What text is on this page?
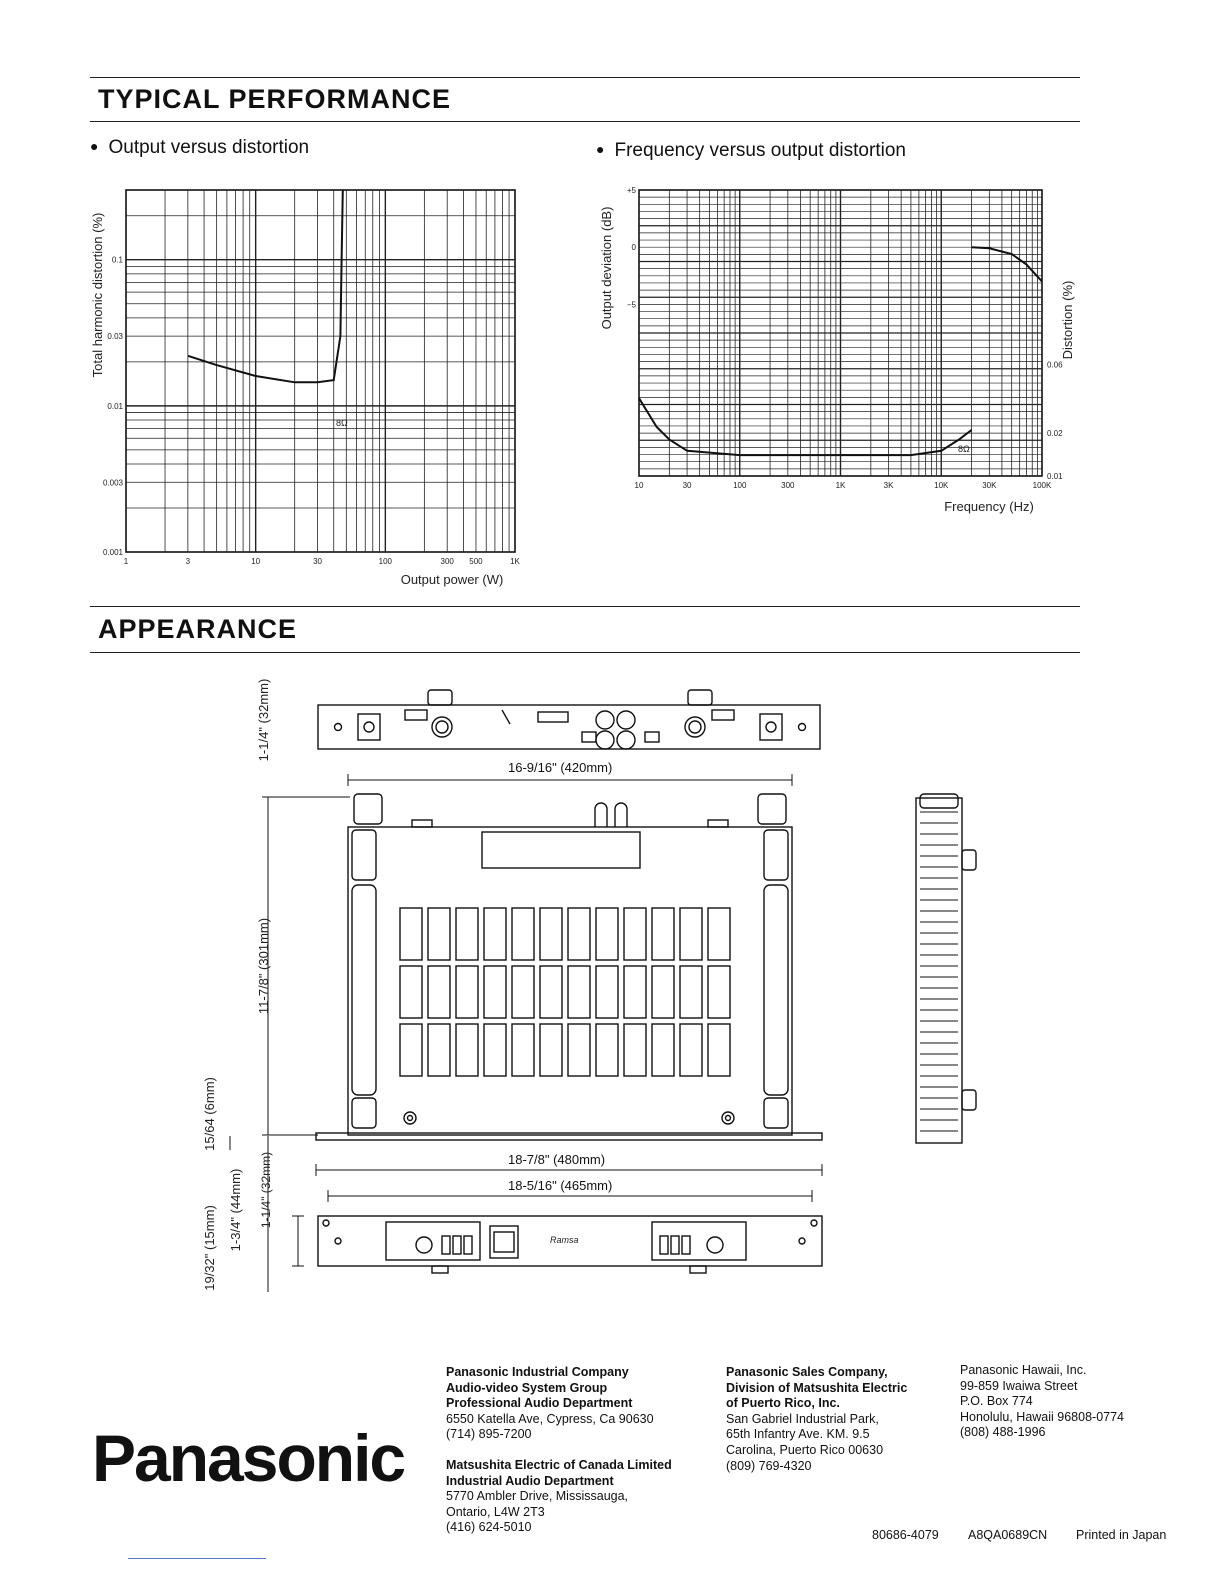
TYPICAL PERFORMANCE
● Output versus distortion	● Frequency versus output distortion
0.1
0.03
0.01
0.003
0.001
1	3	10	30	100	300 500	1K
8Ω
Total harmonic distortion (%)
Output power (W)
+5
0
−5
0.06
0.02
0.01
10	30	100	300	1K	3K	10K	30K	100K
8Ω
Output deviation (dB)	Distortion (%)
Frequency (Hz)
APPEARANCE
Ramsa
16-9/16" (420mm)
18-7/8" (480mm)
18-5/16" (465mm)
1-1/4" (32mm)
11-7/8" (301mm)
15/64 (6mm)
19/32" (15mm) 1-3/4" (44mm) 1-1/4" (32mm)
Panasonic
Panasonic Industrial Company
Audio-video System Group
Professional Audio Department
6550 Katella Ave, Cypress, Ca 90630
(714) 895-7200
Matsushita Electric of Canada Limited
Industrial Audio Department
5770 Ambler Drive, Mississauga,
Ontario, L4W 2T3
(416) 624-5010
Panasonic Sales Company,
Division of Matsushita Electric
of Puerto Rico, Inc.
San Gabriel Industrial Park,
65th Infantry Ave. KM. 9.5
Carolina, Puerto Rico 00630
(809) 769-4320
Panasonic Hawaii, Inc.
99-859 Iwaiwa Street
P.O. Box 774
Honolulu, Hawaii 96808-0774
(808) 488-1996
80686-4079 A8QA0689CN Printed in Japan
